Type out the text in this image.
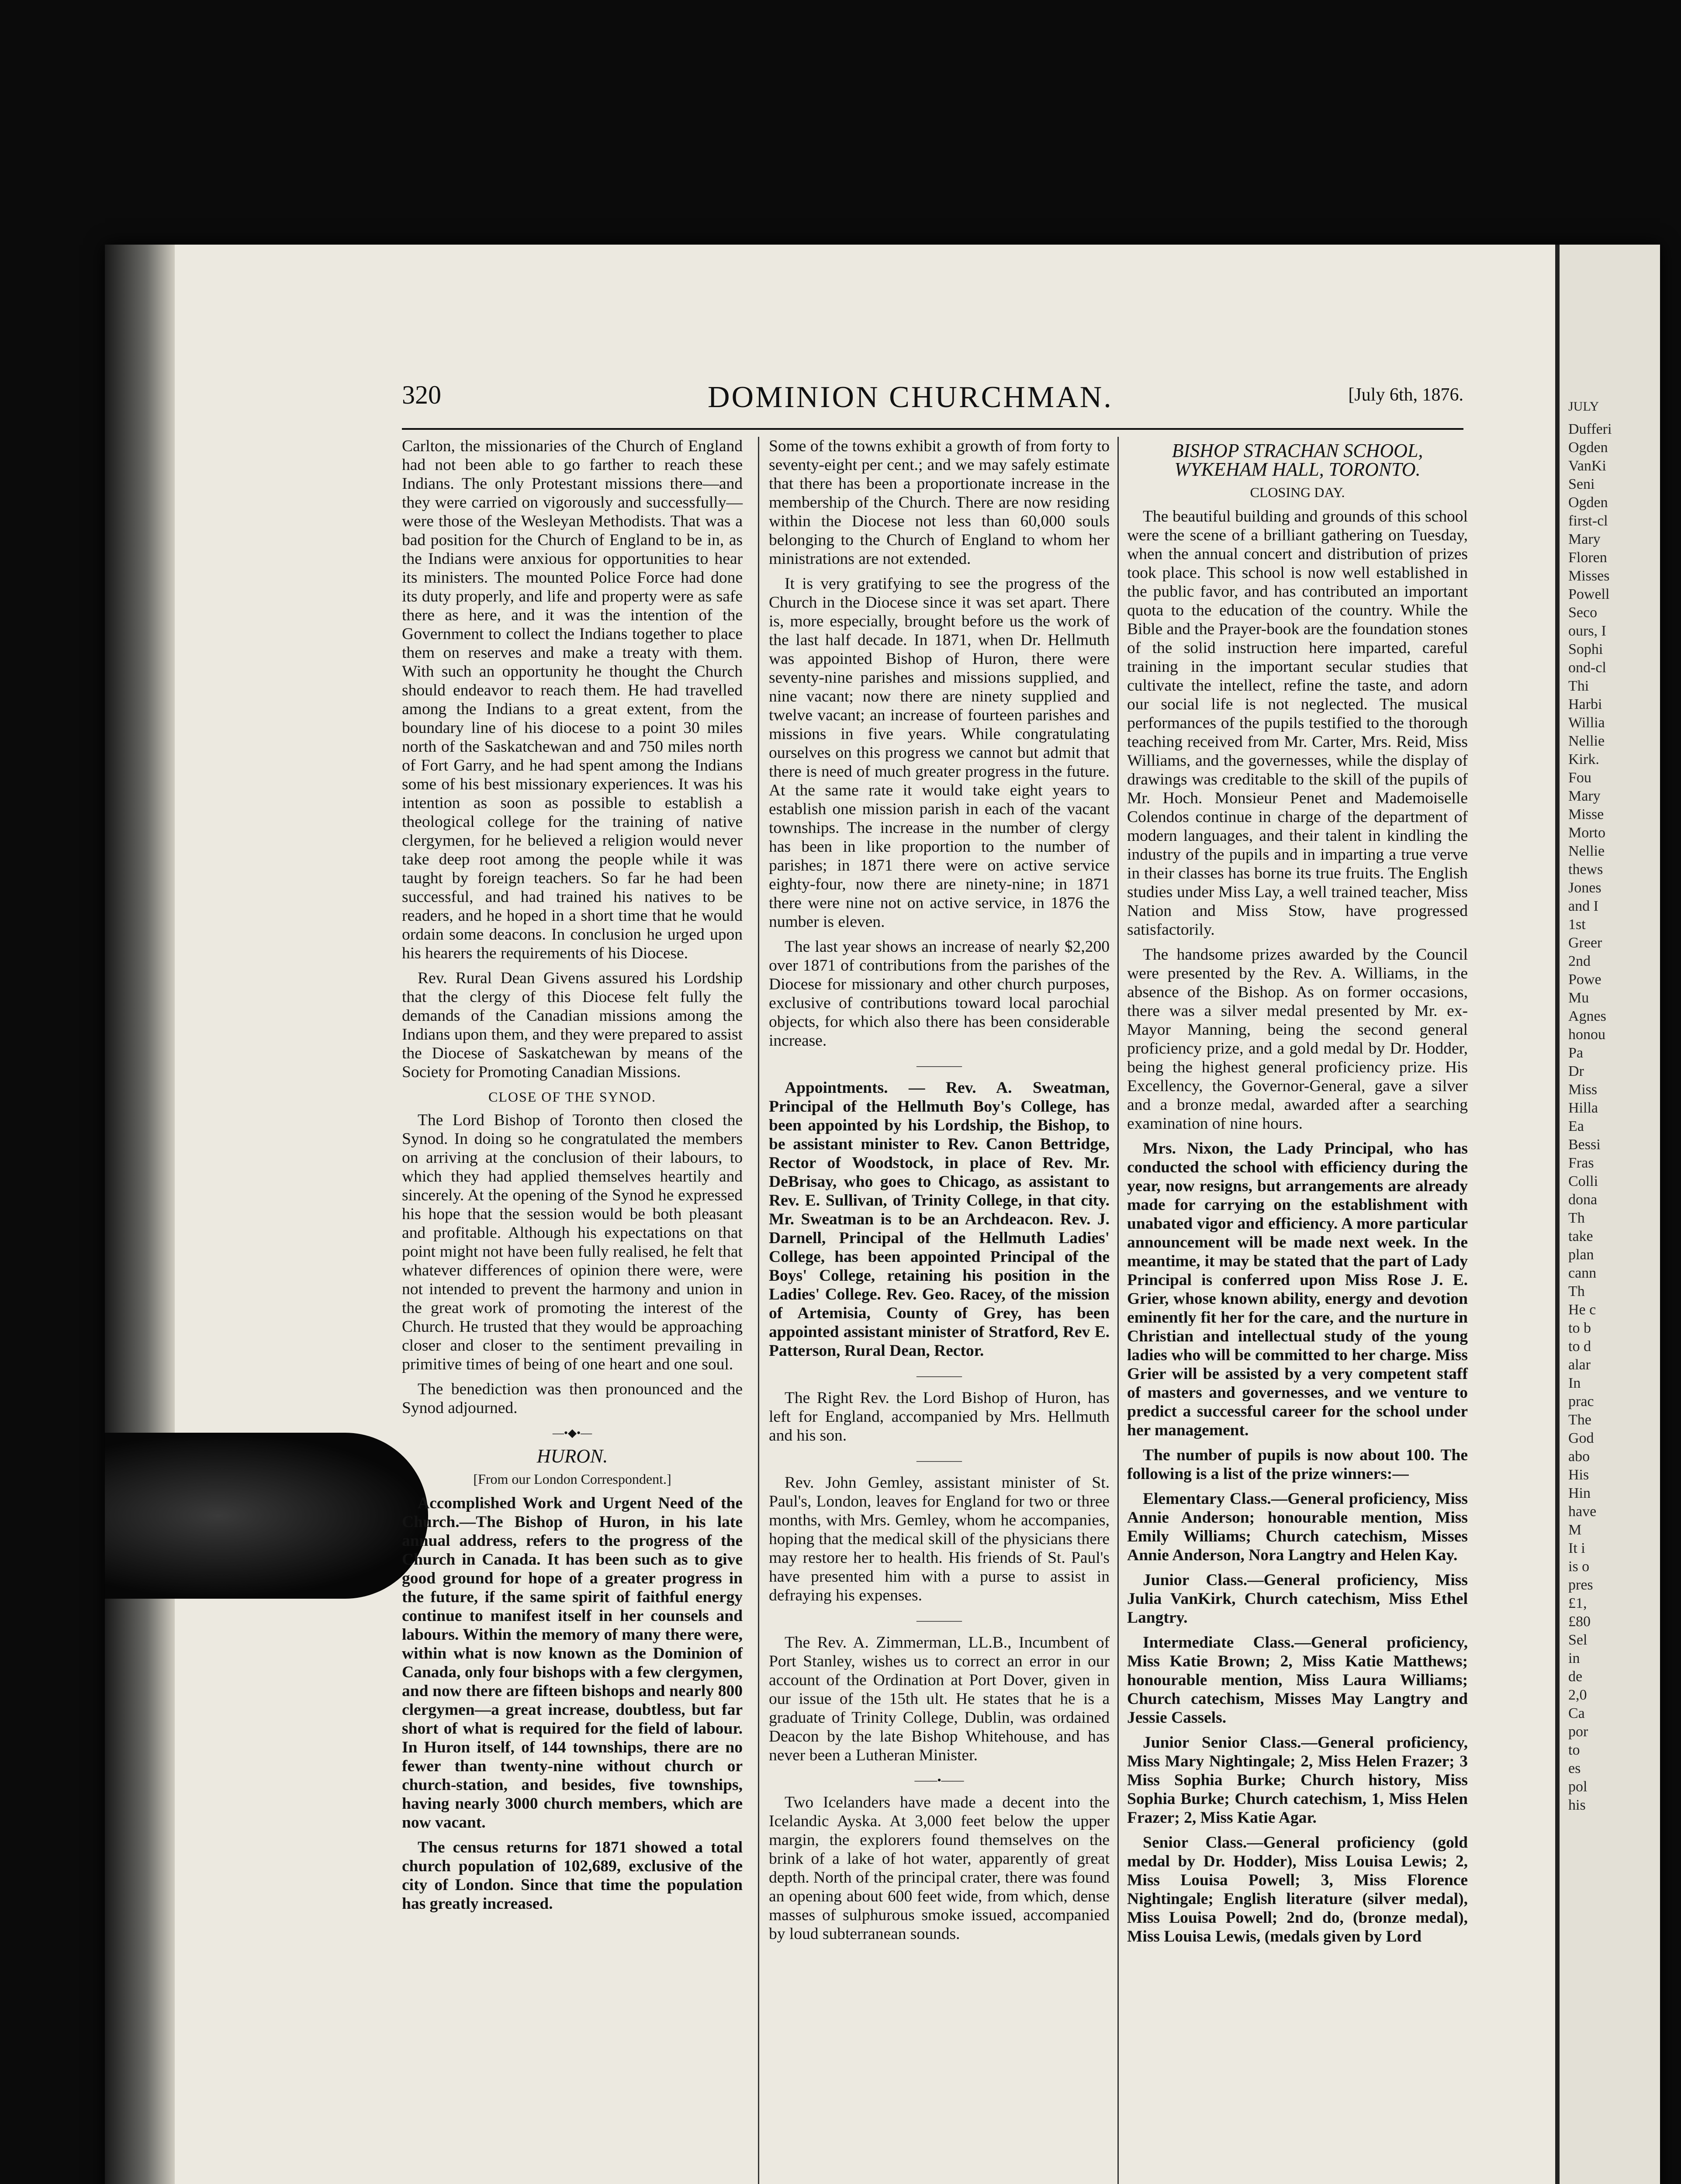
320	DOMINION CHURCHMAN.	[July 6th, 1876.

Carlton, the missionaries of the Church of England had not been able to go farther to reach these Indians. The only Protestant missions there—and they were carried on vigorously and successfully—were those of the Wesleyan Methodists. That was a bad position for the Church of England to be in, as the Indians were anxious for opportunities to hear its ministers. The mounted Police Force had done its duty properly, and life and property were as safe there as here, and it was the intention of the Government to collect the Indians together to place them on reserves and make a treaty with them. With such an opportunity he thought the Church should endeavor to reach them. He had travelled among the Indians to a great extent, from the boundary line of his diocese to a point 30 miles north of the Saskatchewan and and 750 miles north of Fort Garry, and he had spent among the Indians some of his best missionary experiences. It was his intention as soon as possible to establish a theological college for the training of native clergymen, for he believed a religion would never take deep root among the people while it was taught by foreign teachers. So far he had been successful, and had trained his natives to be readers, and he hoped in a short time that he would ordain some deacons. In conclusion he urged upon his hearers the requirements of his Diocese.

Rev. Rural Dean Givens assured his Lordship that the clergy of this Diocese felt fully the demands of the Canadian missions among the Indians upon them, and they were prepared to assist the Diocese of Saskatchewan by means of the Society for Promoting Canadian Missions.

CLOSE OF THE SYNOD.

The Lord Bishop of Toronto then closed the Synod. In doing so he congratulated the members on arriving at the conclusion of their labours, to which they had applied themselves heartily and sincerely. At the opening of the Synod he expressed his hope that the session would be both pleasant and profitable. Although his expectations on that point might not have been fully realised, he felt that whatever differences of opinion there were, were not intended to prevent the harmony and union in the great work of promoting the interest of the Church. He trusted that they would be approaching closer and closer to the sentiment prevailing in primitive times of being of one heart and one soul.

The benediction was then pronounced and the Synod adjourned.

—•◆•—
HURON.
[From our London Correspondent.]

Accomplished Work and Urgent Need of the Church.—The Bishop of Huron, in his late annual address, refers to the progress of the Church in Canada. It has been such as to give good ground for hope of a greater progress in the future, if the same spirit of faithful energy continue to manifest itself in her counsels and labours. Within the memory of many there were, within what is now known as the Dominion of Canada, only four bishops with a few clergymen, and now there are fifteen bishops and nearly 800 clergymen—a great increase, doubtless, but far short of what is required for the field of labour. In Huron itself, of 144 townships, there are no fewer than twenty-nine without church or church-station, and besides, five townships, having nearly 3000 church members, which are now vacant.

The census returns for 1871 showed a total church population of 102,689, exclusive of the city of London. Since that time the population has greatly increased.

Some of the towns exhibit a growth of from forty to seventy-eight per cent.; and we may safely estimate that there has been a proportionate increase in the membership of the Church. There are now residing within the Diocese not less than 60,000 souls belonging to the Church of England to whom her ministrations are not extended.

It is very gratifying to see the progress of the Church in the Diocese since it was set apart. There is, more especially, brought before us the work of the last half decade. In 1871, when Dr. Hellmuth was appointed Bishop of Huron, there were seventy-nine parishes and missions supplied, and nine vacant; now there are ninety supplied and twelve vacant; an increase of fourteen parishes and missions in five years. While congratulating ourselves on this progress we cannot but admit that there is need of much greater progress in the future. At the same rate it would take eight years to establish one mission parish in each of the vacant townships. The increase in the number of clergy has been in like proportion to the number of parishes; in 1871 there were on active service eighty-four, now there are ninety-nine; in 1871 there were nine not on active service, in 1876 the number is eleven.

The last year shows an increase of nearly $2,200 over 1871 of contributions from the parishes of the Diocese for missionary and other church purposes, exclusive of contributions toward local parochial objects, for which also there has been considerable increase.

————

Appointments. — Rev. A. Sweatman, Principal of the Hellmuth Boy's College, has been appointed by his Lordship, the Bishop, to be assistant minister to Rev. Canon Bettridge, Rector of Woodstock, in place of Rev. Mr. DeBrisay, who goes to Chicago, as assistant to Rev. E. Sullivan, of Trinity College, in that city. Mr. Sweatman is to be an Archdeacon. Rev. J. Darnell, Principal of the Hellmuth Ladies' College, has been appointed Principal of the Boys' College, retaining his position in the Ladies' College. Rev. Geo. Racey, of the mission of Artemisia, County of Grey, has been appointed assistant minister of Stratford, Rev E. Patterson, Rural Dean, Rector.

————

The Right Rev. the Lord Bishop of Huron, has left for England, accompanied by Mrs. Hellmuth and his son.

————

Rev. John Gemley, assistant minister of St. Paul's, London, leaves for England for two or three months, with Mrs. Gemley, whom he accompanies, hoping that the medical skill of the physicians there may restore her to health. His friends of St. Paul's have presented him with a purse to assist in defraying his expenses.

————

The Rev. A. Zimmerman, LL.B., Incumbent of Port Stanley, wishes us to correct an error in our account of the Ordination at Port Dover, given in our issue of the 15th ult. He states that he is a graduate of Trinity College, Dublin, was ordained Deacon by the late Bishop Whitehouse, and has never been a Lutheran Minister.

——•——

Two Icelanders have made a decent into the Icelandic Ayska. At 3,000 feet below the upper margin, the explorers found themselves on the brink of a lake of hot water, apparently of great depth. North of the principal crater, there was found an opening about 600 feet wide, from which, dense masses of sulphurous smoke issued, accompanied by loud subterranean sounds.

BISHOP STRACHAN SCHOOL, WYKEHAM HALL, TORONTO.
CLOSING DAY.

The beautiful building and grounds of this school were the scene of a brilliant gathering on Tuesday, when the annual concert and distribution of prizes took place. This school is now well established in the public favor, and has contributed an important quota to the education of the country. While the Bible and the Prayer-book are the foundation stones of the solid instruction here imparted, careful training in the important secular studies that cultivate the intellect, refine the taste, and adorn our social life is not neglected. The musical performances of the pupils testified to the thorough teaching received from Mr. Carter, Mrs. Reid, Miss Williams, and the governesses, while the display of drawings was creditable to the skill of the pupils of Mr. Hoch. Monsieur Penet and Mademoiselle Colendos continue in charge of the department of modern languages, and their talent in kindling the industry of the pupils and in imparting a true verve in their classes has borne its true fruits. The English studies under Miss Lay, a well trained teacher, Miss Nation and Miss Stow, have progressed satisfactorily.

The handsome prizes awarded by the Council were presented by the Rev. A. Williams, in the absence of the Bishop. As on former occasions, there was a silver medal presented by Mr. ex-Mayor Manning, being the second general proficiency prize, and a gold medal by Dr. Hodder, being the highest general proficiency prize. His Excellency, the Governor-General, gave a silver and a bronze medal, awarded after a searching examination of nine hours.

Mrs. Nixon, the Lady Principal, who has conducted the school with efficiency during the year, now resigns, but arrangements are already made for carrying on the establishment with unabated vigor and efficiency. A more particular announcement will be made next week. In the meantime, it may be stated that the part of Lady Principal is conferred upon Miss Rose J. E. Grier, whose known ability, energy and devotion eminently fit her for the care, and the nurture in Christian and intellectual study of the young ladies who will be committed to her charge. Miss Grier will be assisted by a very competent staff of masters and governesses, and we venture to predict a successful career for the school under her management.

The number of pupils is now about 100. The following is a list of the prize winners:—

Elementary Class.—General proficiency, Miss Annie Anderson; honourable mention, Miss Emily Williams; Church catechism, Misses Annie Anderson, Nora Langtry and Helen Kay.

Junior Class.—General proficiency, Miss Julia VanKirk, Church catechism, Miss Ethel Langtry.

Intermediate Class.—General proficiency, Miss Katie Brown; 2, Miss Katie Matthews; honourable mention, Miss Laura Williams; Church catechism, Misses May Langtry and Jessie Cassels.

Junior Senior Class.—General proficiency, Miss Mary Nightingale; 2, Miss Helen Frazer; 3 Miss Sophia Burke; Church history, Miss Sophia Burke; Church catechism, 1, Miss Helen Frazer; 2, Miss Katie Agar.

Senior Class.—General proficiency (gold medal by Dr. Hodder), Miss Louisa Lewis; 2, Miss Louisa Powell; 3, Miss Florence Nightingale; English literature (silver medal), Miss Louisa Powell; 2nd do, (bronze medal), Miss Louisa Lewis, (medals given by Lord

JULY
Dufferi
Ogden
VanKi
Seni
Ogden
first-cl
Mary
Floren
Misses
Powell
Seco
ours, I
Sophi
ond-cl
Thi
Harbi
Willia
Nellie
Kirk.
Fou
Mary
Misse
Morto
Nellie
thews
Jones
and I
1st
Greer
2nd
Powe
Mu
Agnes
honou
Pa
Dr
Miss
Hilla
Ea
Bessi
Fras
Colli
dona
Th
take
plan
cann
Th
He c
to b
to d
alar
In
prac
The
God
abo
His
Hin
have
M
It i
is o
pres
£1,
£80
Sel
in
de
2,0
Ca
por
to
es
pol
his
